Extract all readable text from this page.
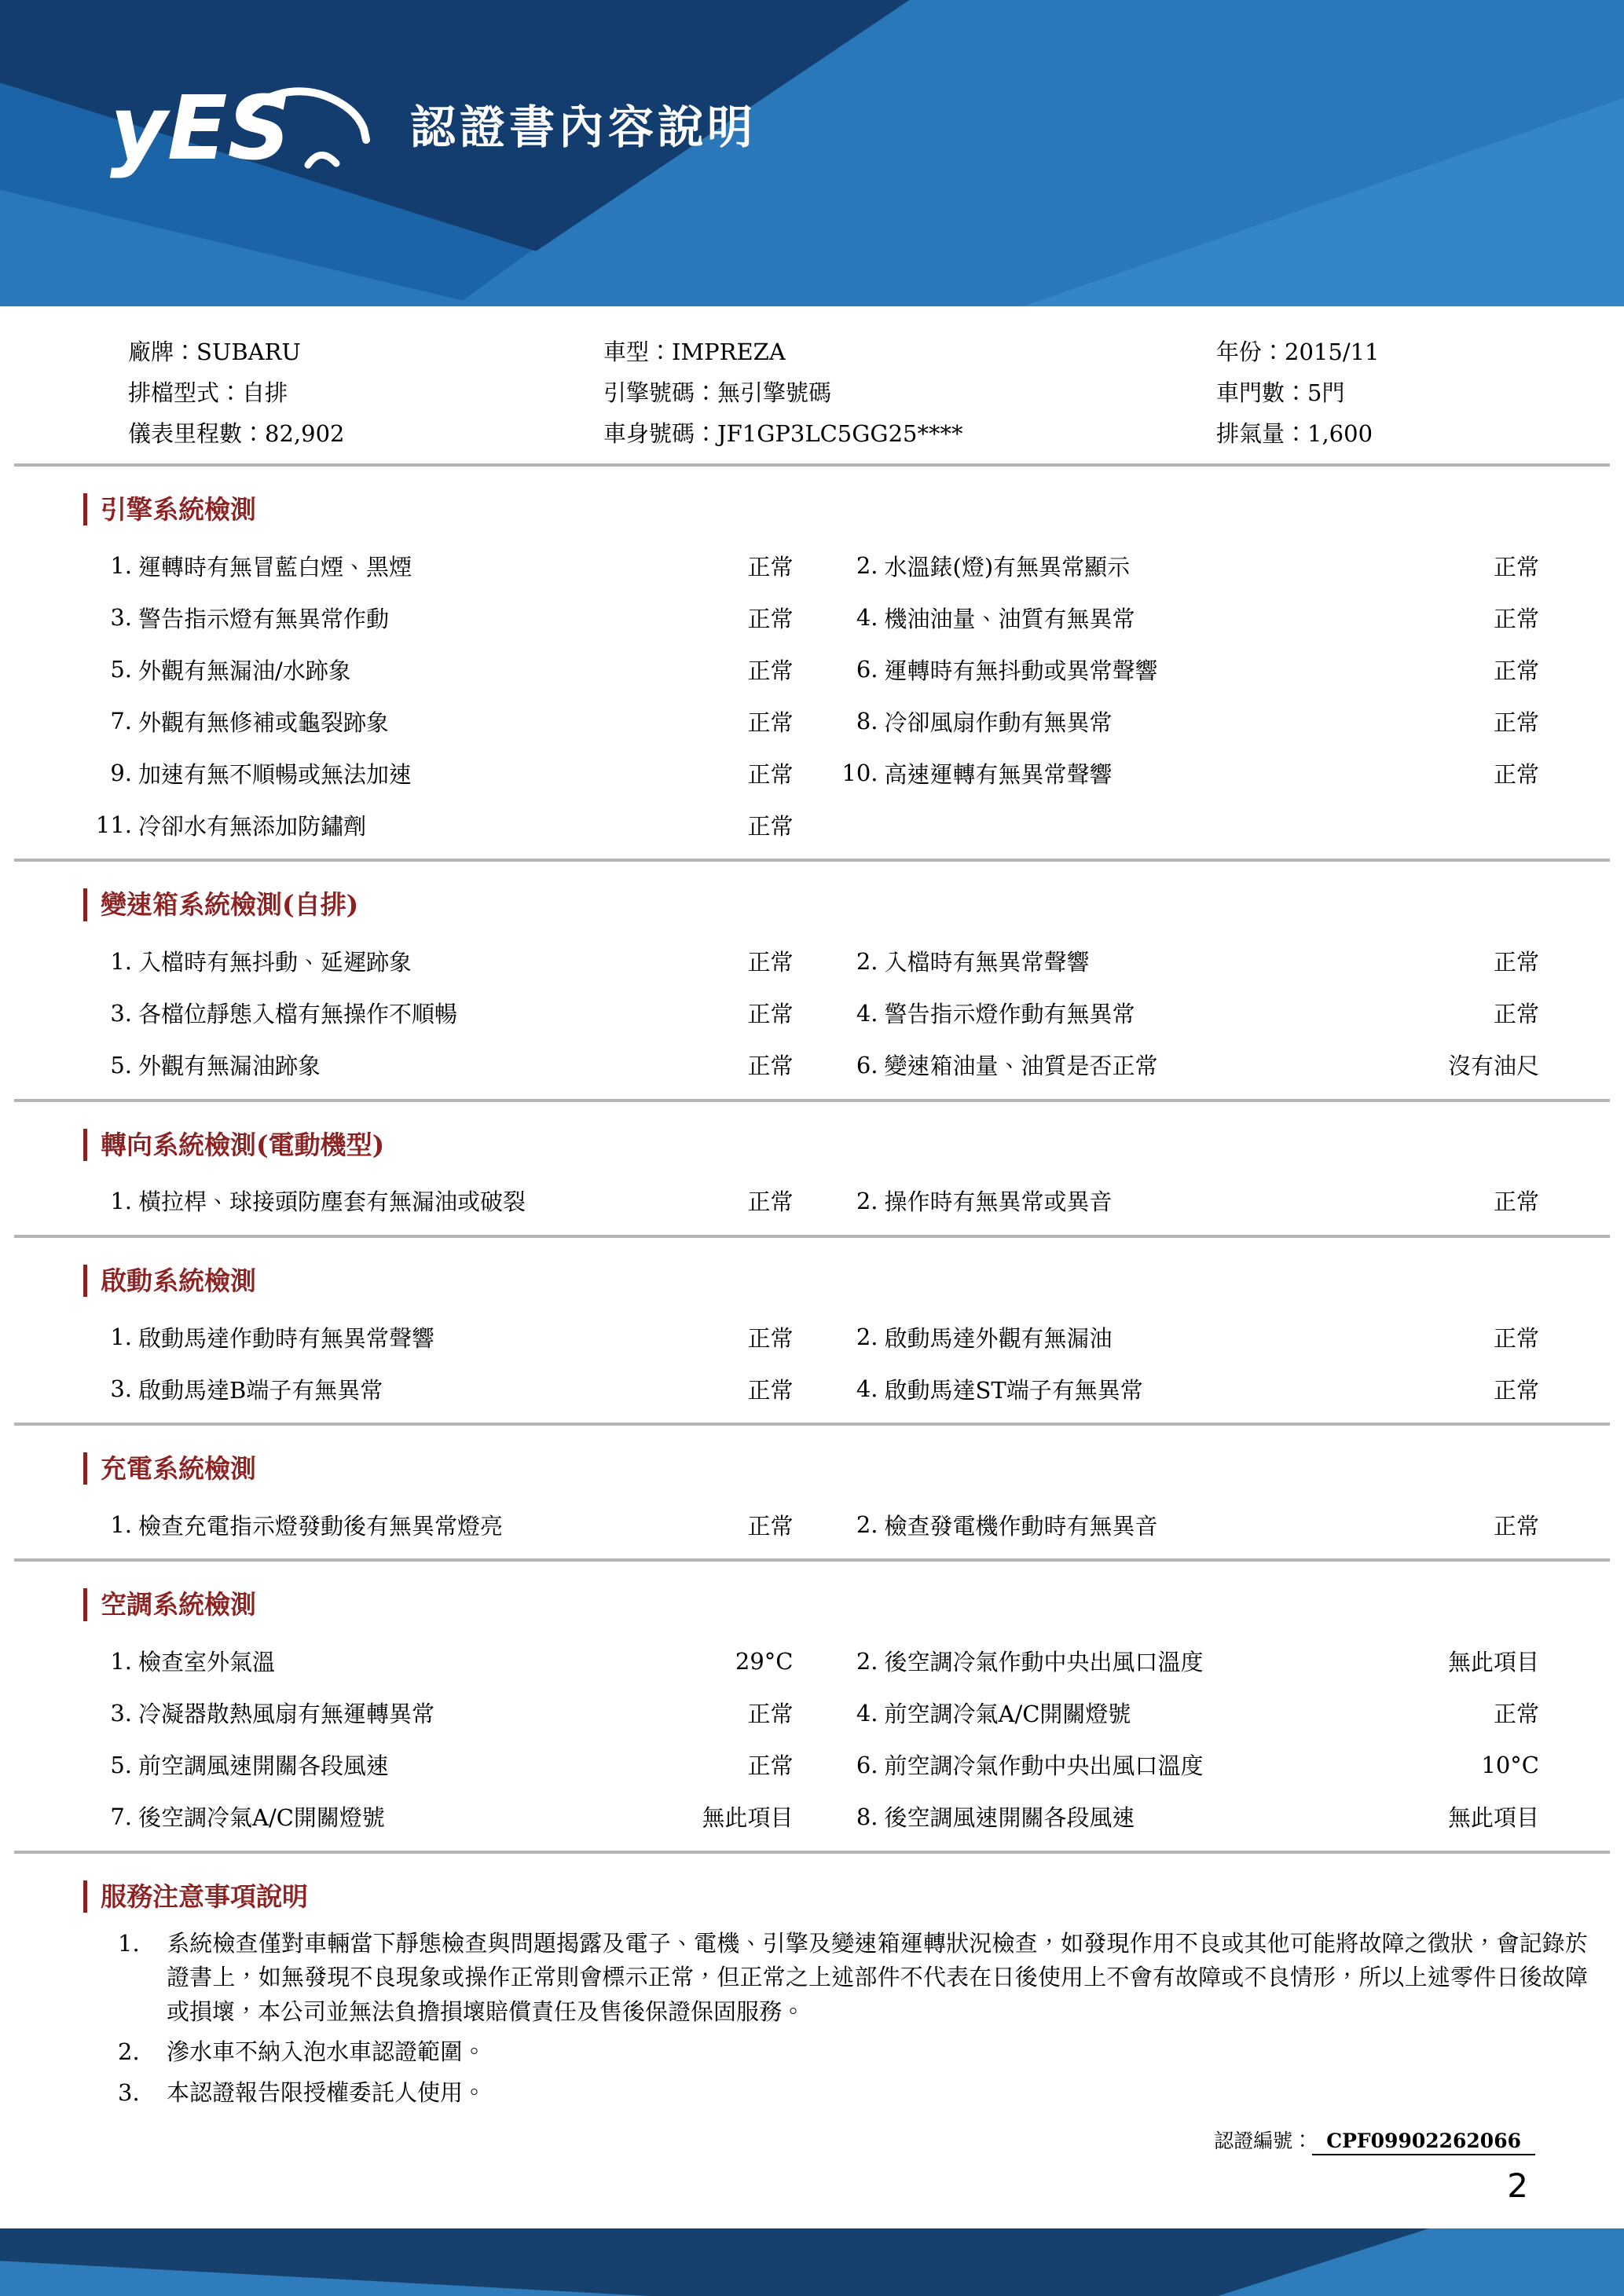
yES	認證書內容說明
廠牌：SUBARU
排檔型式：自排
儀表里程數：82,902
車型：IMPREZA
引擎號碼：無引擎號碼
車身號碼：JF1GP3LC5GG25****
年份：2015/11
車門數：5門
排氣量：1,600
引擎系統檢測
1. 運轉時有無冒藍白煙、黑煙	正常	2. 水溫錶(燈)有無異常顯示	正常
3. 警告指示燈有無異常作動	正常	4. 機油油量、油質有無異常	正常
5. 外觀有無漏油/水跡象	正常	6. 運轉時有無抖動或異常聲響	正常
7. 外觀有無修補或龜裂跡象	正常	8. 冷卻風扇作動有無異常	正常
9. 加速有無不順暢或無法加速	正常 10. 高速運轉有無異常聲響	正常
11. 冷卻水有無添加防鏽劑	正常
變速箱系統檢測(自排)
1. 入檔時有無抖動、延遲跡象	正常	2. 入檔時有無異常聲響	正常
3. 各檔位靜態入檔有無操作不順暢	正常	4. 警告指示燈作動有無異常	正常
5. 外觀有無漏油跡象	正常	6. 變速箱油量、油質是否正常	沒有油尺
轉向系統檢測(電動機型)
1. 橫拉桿、球接頭防塵套有無漏油或破裂	正常	2. 操作時有無異常或異音	正常
啟動系統檢測
1. 啟動馬達作動時有無異常聲響	正常	2. 啟動馬達外觀有無漏油	正常
3. 啟動馬達B端子有無異常	正常	4. 啟動馬達ST端子有無異常	正常
充電系統檢測
1. 檢查充電指示燈發動後有無異常燈亮	正常	2. 檢查發電機作動時有無異音	正常
空調系統檢測
1. 檢查室外氣溫	29°C	2. 後空調冷氣作動中央出風口溫度	無此項目
3. 冷凝器散熱風扇有無運轉異常	正常	4. 前空調冷氣A/C開關燈號	正常
5. 前空調風速開關各段風速	正常	6. 前空調冷氣作動中央出風口溫度	10°C
7. 後空調冷氣A/C開關燈號	無此項目	8. 後空調風速開關各段風速	無此項目
服務注意事項說明
1.	系統檢查僅對車輛當下靜態檢查與問題揭露及電子、電機、引擎及變速箱運轉狀況檢查，如發現作用不良或其他可能將故障之徵狀，會記錄於證書上，如無發現不良現象或操作正常則會標示正常，但正常之上述部件不代表在日後使用上不會有故障或不良情形，所以上述零件日後故障或損壞，本公司並無法負擔損壞賠償責任及售後保證保固服務。
2.	滲水車不納入泡水車認證範圍。
3.	本認證報告限授權委託人使用。
認證編號： CPF09902262066
2
